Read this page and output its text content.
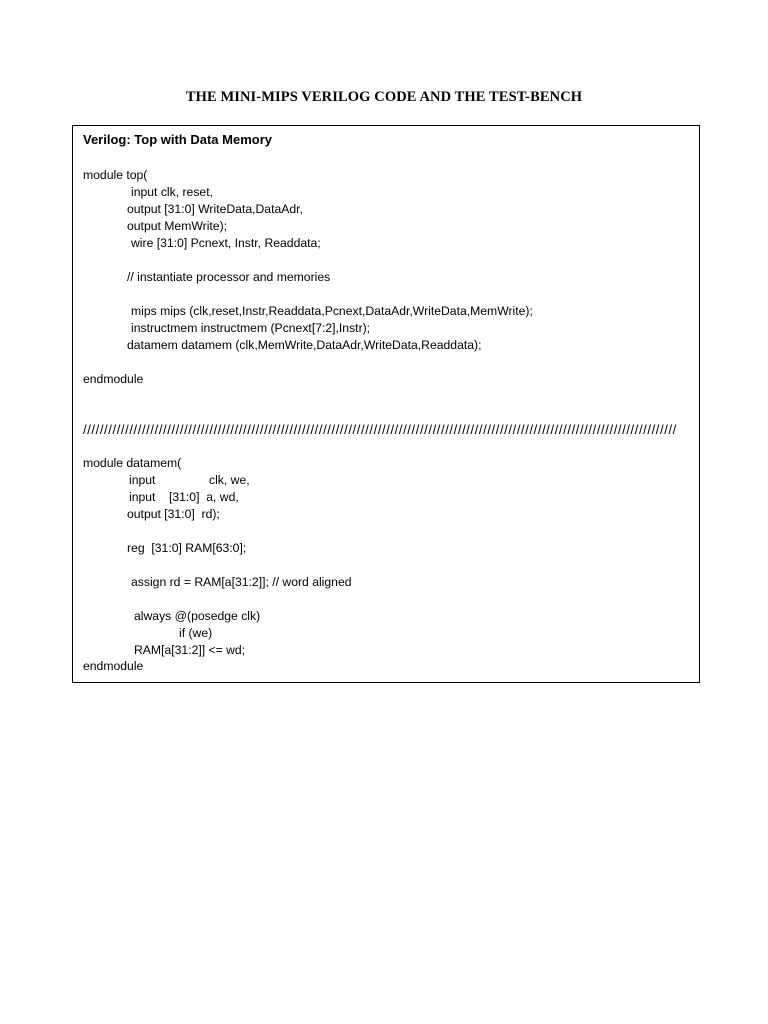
THE MINI-MIPS VERILOG CODE AND THE TEST-BENCH
Verilog: Top with Data Memory
module top(
input clk, reset,
output [31:0] WriteData,DataAdr,
output MemWrite);
wire [31:0] Pcnext, Instr, Readdata;
// instantiate processor and memories
mips mips (clk,reset,Instr,Readdata,Pcnext,DataAdr,WriteData,MemWrite);
instructmem instructmem (Pcnext[7:2],Instr);
datamem datamem (clk,MemWrite,DataAdr,WriteData,Readdata);
endmodule
/////////////////////////////////////////////////////////////////////////////////////////////////////////////////////////////////////////////
module datamem(
input	clk, we,
input    [31:0]  a, wd,
output [31:0]  rd);
reg  [31:0] RAM[63:0];
assign rd = RAM[a[31:2]]; // word aligned
always @(posedge clk)
if (we)
RAM[a[31:2]] <= wd;
endmodule
